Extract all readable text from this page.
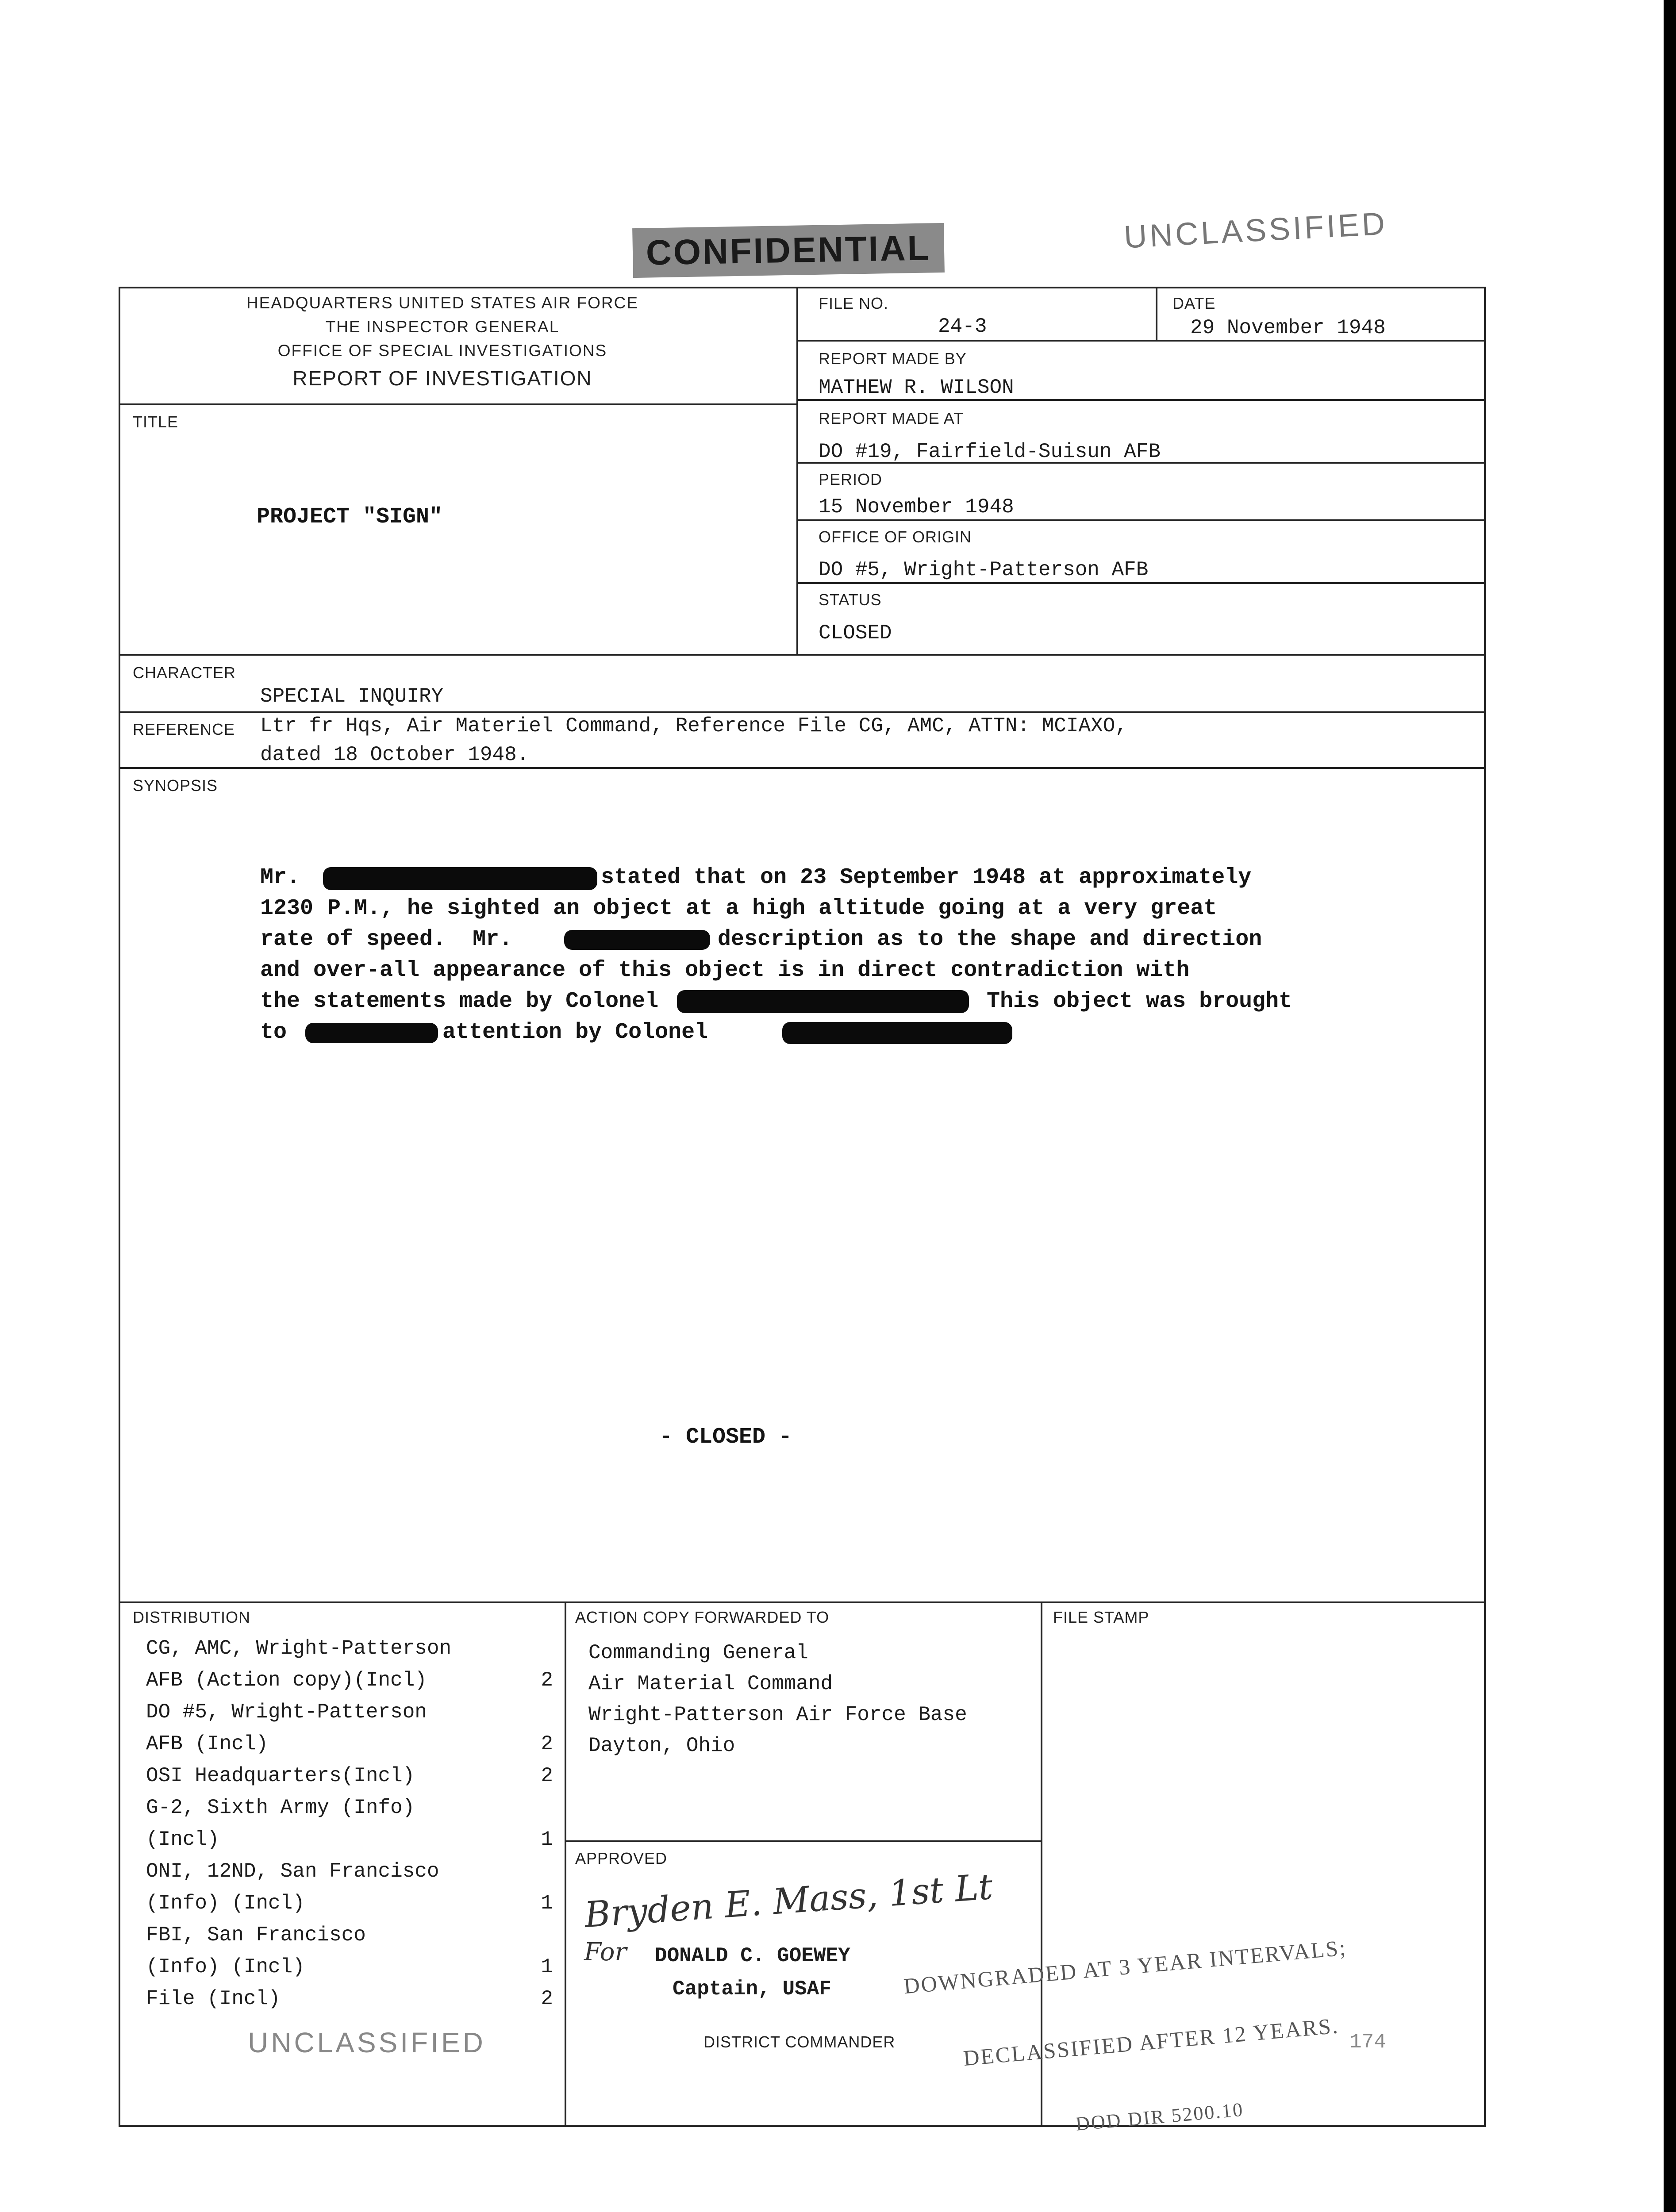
CONFIDENTIAL	UNCLASSIFIED
HEADQUARTERS UNITED STATES AIR FORCE
THE INSPECTOR GENERAL
OFFICE OF SPECIAL INVESTIGATIONS
REPORT OF INVESTIGATION
FILE NO.
24-3
DATE
29 November 1948
REPORT MADE BY
MATHEW R. WILSON
REPORT MADE AT
DO #19, Fairfield-Suisun AFB
PERIOD
15 November 1948
OFFICE OF ORIGIN
DO #5, Wright-Patterson AFB
STATUS
CLOSED
TITLE
PROJECT "SIGN"
CHARACTER
SPECIAL INQUIRY
REFERENCE Ltr fr Hqs, Air Materiel Command, Reference File CG, AMC, ATTN: MCIAXO,
dated 18 October 1948.
SYNOPSIS
Mr.	stated that on 23 September 1948 at approximately
1230 P.M., he sighted an object at a high altitude going at a very great
rate of speed.  Mr.	description as to the shape and direction
and over-all appearance of this object is in direct contradiction with
the statements made by Colonel	This object was brought
to	attention by Colonel
- CLOSED -
DISTRIBUTION
CG, AMC, Wright-Patterson
AFB (Action copy)(Incl)	2
DO #5, Wright-Patterson
AFB (Incl)	2
OSI Headquarters(Incl)	2
G-2, Sixth Army (Info)
(Incl)	1
ONI, 12ND, San Francisco
(Info) (Incl)	1
FBI, San Francisco
(Info) (Incl)	1
File (Incl)	2
ACTION COPY FORWARDED TO
Commanding General
Air Material Command
Wright-Patterson Air Force Base
Dayton, Ohio
FILE STAMP
APPROVED
Bryden E. Mass, 1st Lt
For DONALD C. GOEWEY
Captain, USAF
DISTRICT COMMANDER

DOWNGRADED AT 3 YEAR INTERVALS;

DECLASSIFIED AFTER 12 YEARS.

DOD DIR 5200.10

UNCLASSIFIED	174
